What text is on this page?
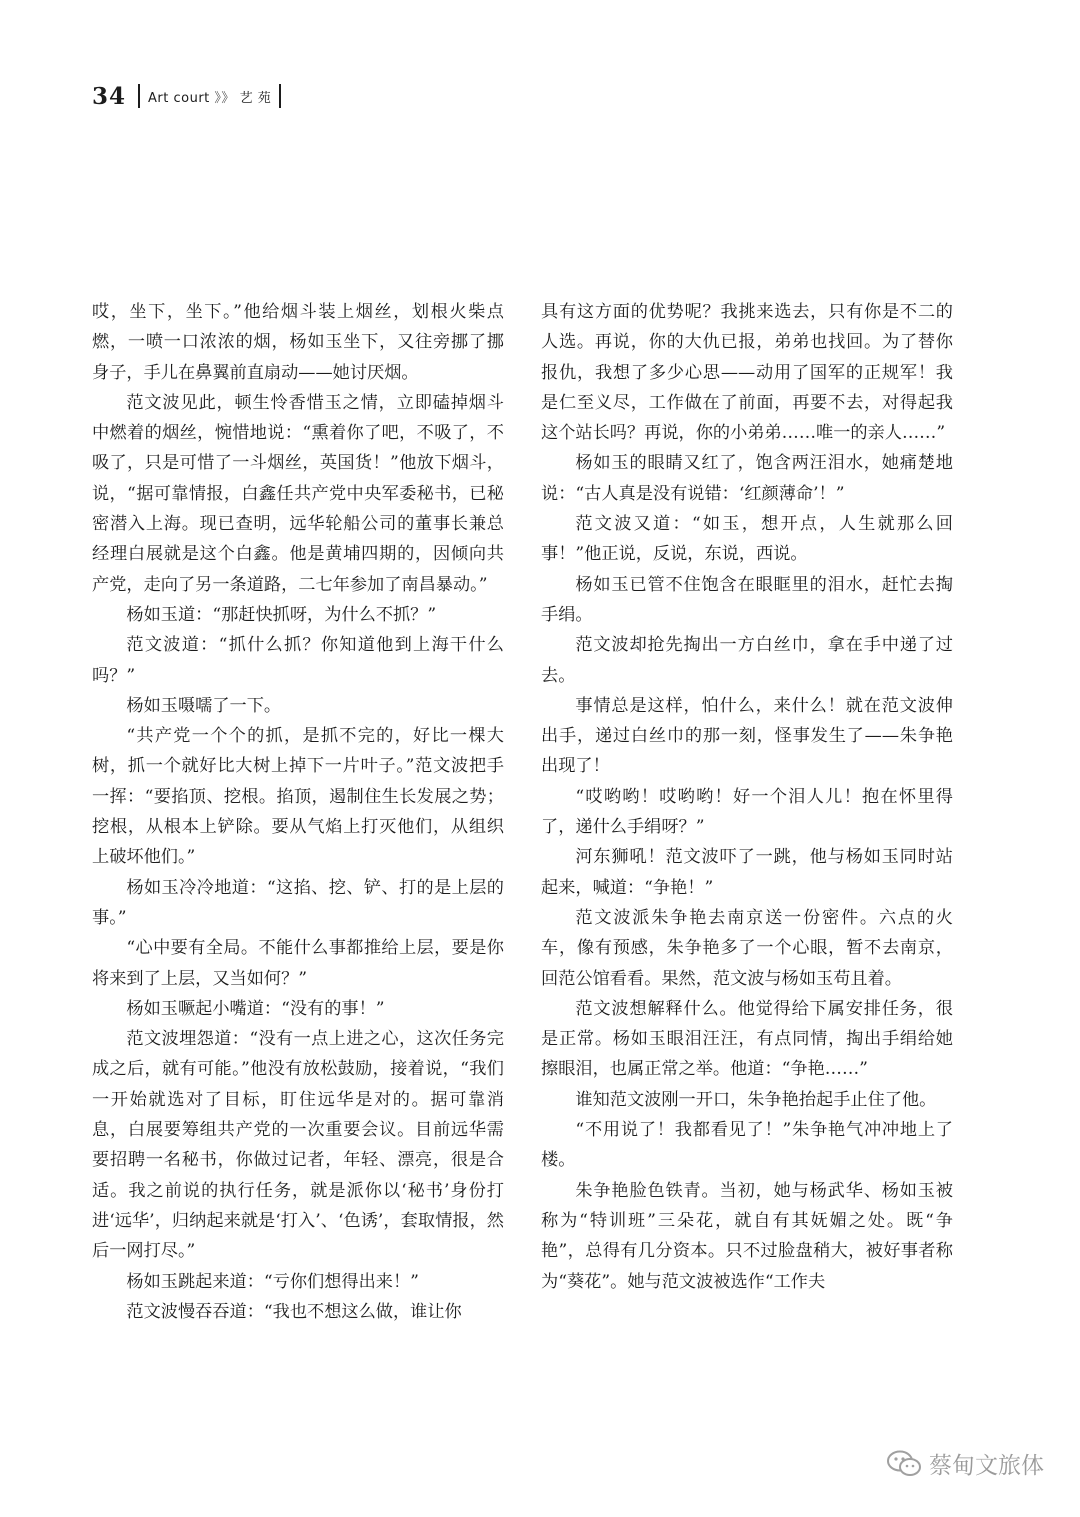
34 Art court 》》 艺 苑

哎，坐下，坐下。”他给烟斗装上烟丝，划根火柴点燃，一喷一口浓浓的烟，杨如玉坐下，又往旁挪了挪身子，手儿在鼻翼前直扇动——她讨厌烟。

范文波见此，顿生怜香惜玉之情，立即磕掉烟斗中燃着的烟丝，惋惜地说：“熏着你了吧，不吸了，不吸了，只是可惜了一斗烟丝，英国货！”他放下烟斗，说，“据可靠情报，白鑫任共产党中央军委秘书，已秘密潜入上海。现已查明，远华轮船公司的董事长兼总经理白展就是这个白鑫。他是黄埔四期的，因倾向共产党，走向了另一条道路，二七年参加了南昌暴动。”

杨如玉道：“那赶快抓呀，为什么不抓？”

范文波道：“抓什么抓？你知道他到上海干什么吗？”

杨如玉嗫嚅了一下。

“共产党一个个的抓，是抓不完的，好比一棵大树，抓一个就好比大树上掉下一片叶子。”范文波把手一挥：“要掐顶、挖根。掐顶，遏制住生长发展之势；挖根，从根本上铲除。要从气焰上打灭他们，从组织上破坏他们。”

杨如玉冷冷地道：“这掐、挖、铲、打的是上层的事。”

“心中要有全局。不能什么事都推给上层，要是你将来到了上层，又当如何？”

杨如玉噘起小嘴道：“没有的事！”

范文波埋怨道：“没有一点上进之心，这次任务完成之后，就有可能。”他没有放松鼓励，接着说，“我们一开始就选对了目标，盯住远华是对的。据可靠消息，白展要筹组共产党的一次重要会议。目前远华需要招聘一名秘书，你做过记者，年轻、漂亮，很是合适。我之前说的执行任务，就是派你以‘秘书’身份打进‘远华’，归纳起来就是‘打入’、‘色诱’，套取情报，然后一网打尽。”

杨如玉跳起来道：“亏你们想得出来！”

范文波慢吞吞道：“我也不想这么做，谁让你

具有这方面的优势呢？我挑来选去，只有你是不二的人选。再说，你的大仇已报，弟弟也找回。为了替你报仇，我想了多少心思——动用了国军的正规军！我是仁至义尽，工作做在了前面，再要不去，对得起我这个站长吗？再说，你的小弟弟……唯一的亲人……”

杨如玉的眼睛又红了，饱含两汪泪水，她痛楚地说：“古人真是没有说错：‘红颜薄命’！”

范文波又道：“如玉，想开点，人生就那么回事！”他正说，反说，东说，西说。

杨如玉已管不住饱含在眼眶里的泪水，赶忙去掏手绢。

范文波却抢先掏出一方白丝巾，拿在手中递了过去。

事情总是这样，怕什么，来什么！就在范文波伸出手，递过白丝巾的那一刻，怪事发生了——朱争艳出现了！

“哎哟哟！哎哟哟！好一个泪人儿！抱在怀里得了，递什么手绢呀？”

河东狮吼！范文波吓了一跳，他与杨如玉同时站起来，喊道：“争艳！”

范文波派朱争艳去南京送一份密件。六点的火车，像有预感，朱争艳多了一个心眼，暂不去南京，回范公馆看看。果然，范文波与杨如玉苟且着。

范文波想解释什么。他觉得给下属安排任务，很是正常。杨如玉眼泪汪汪，有点同情，掏出手绢给她擦眼泪，也属正常之举。他道：“争艳……”

谁知范文波刚一开口，朱争艳抬起手止住了他。

“不用说了！我都看见了！”朱争艳气冲冲地上了楼。

朱争艳脸色铁青。当初，她与杨武华、杨如玉被称为“特训班”三朵花，就自有其妩媚之处。既“争艳”，总得有几分资本。只不过脸盘稍大，被好事者称为“葵花”。她与范文波被选作“工作夫

蔡甸文旅体
